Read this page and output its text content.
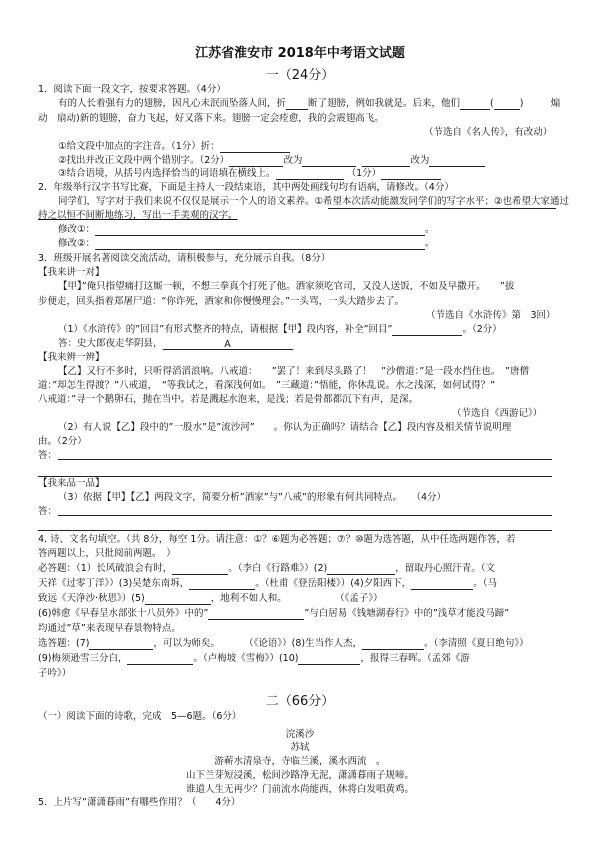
江苏省淮安市 2018年中考语文试题
一（24分）
1．阅读下面一段文字，按要求答题。（4分）
有的人长着强有力的翅膀，因凡心未泯而坠落人间，折 断了翅膀，例如我就是。后来，他们	(	)	煽
动　扇动)新的翅膀，奋力飞起，好又落下来。翅膀一定会痊愈，我的会震翅高飞。
（节选自《名人传》，有改动）
①给文段中加点的字注音。（1分）折：
②找出并改正文段中两个错别字。（2分）	改为	改为
③结合语境，从括号内选择恰当的词语填在横线上。	（1分）
2．年级举行汉字书写比赛，下面是主持人一段结束语，其中两处画线句均有语病，请修改。（4分）
同学们，写字对于我们来说不仅仅是展示一个人的语文素养。①希望本次活动能激发同学们的写字水平；②也希望大家通过
持之以恒不间断地练习，写出一手美观的汉字。
修改①：	。
修改②：	。
3．班级开展名著阅读交流活动，请积极参与，充分展示自我。（8分）
【我来讲一对】
【甲】”俺只指望痛打这厮一顿，不想三拳真个打死了他。洒家须吃官司，又没人送饭，不如及早撒开。　　”拔
步便走，回头指着郑屠尸道：“你诈死，洒家和你慢慢理会。”一头骂，一头大踏步去了。
（节选自《水浒传》第　3回）
（1）《水浒传》的”回目”有形式整齐的特点，请根据【甲】段内容，补全”回目”	。（2分）
答：史大郎夜走华阴县，	A
【我来辨一辨】
【乙】又行不多时，只听得滔滔浪响。八戒道：　　”罢了！来到尽头路了！　”沙僧道：”是一段水挡住也。　”唐僧
道：”却怎生得渡？”八戒道，　“等我试之，看深浅何如。　”三藏道：”悟能，你休乱说。水之浅深，如何试得？”
八戒道：”寻一个鹅卵石，抛在当中。若是溅起水泡来，是浅；若是骨都都沉下有声，是深。
（节选自《西游记》）
（2）有人说【乙】段中的”一股水”是”流沙河”　　。你认为正确吗？请结合【乙】段内容及相关情节说明理
由。（2分）
答：
【我来品一品】
（3）依据【甲】【乙】两段文字，简要分析”洒家”与”八戒”的形象有何共同特点。　　（4分）
答：
4. 诗、文名句填空。（共 8分，每空 1分。请注意：①？⑥题为必答题；⑦？⑩题为选答题，从中任选两题作答，若
答两题以上，只批阅前两题。　）
必答题：（1）长风破浪会有时，	。（李白《行路难》）(2)	，留取丹心照汗青。（文
天祥《过零丁洋》）(3)吴楚东南坼，	。（杜甫《登岳阳楼》）(4)夕阳西下，	。（马
致远《天净沙·秋思》）(5)	，地利不如人和。	（《孟子》）
(6)韩愈《早春呈水部张十八员外》中的”	”与白居易《钱塘湖春行》中的”浅草才能没马蹄”
均通过”草”来表现早春景物特点。
选答题：(7)	，可以为师矣。	（《论语》）(8)生当作人杰，	。（李清照《夏日绝句》）
(9)梅须逊雪三分白，	。（卢梅坡《雪梅》）(10)	，报得三春晖。（孟郊《游
子吟》）
二（66分）
（一）阅读下面的诗歌，完成　5—6题。（6分）
浣溪沙
苏轼
游蕲水清泉寺，寺临兰溪，溪水西流　。
山下兰芽短浸溪，松间沙路净无泥，潇潇暮雨子规啼。
谁道人生无再少？门前流水尚能西，休将白发唱黄鸡。
5．上片写”潇潇暮雨”有哪些作用？（　　4分）
